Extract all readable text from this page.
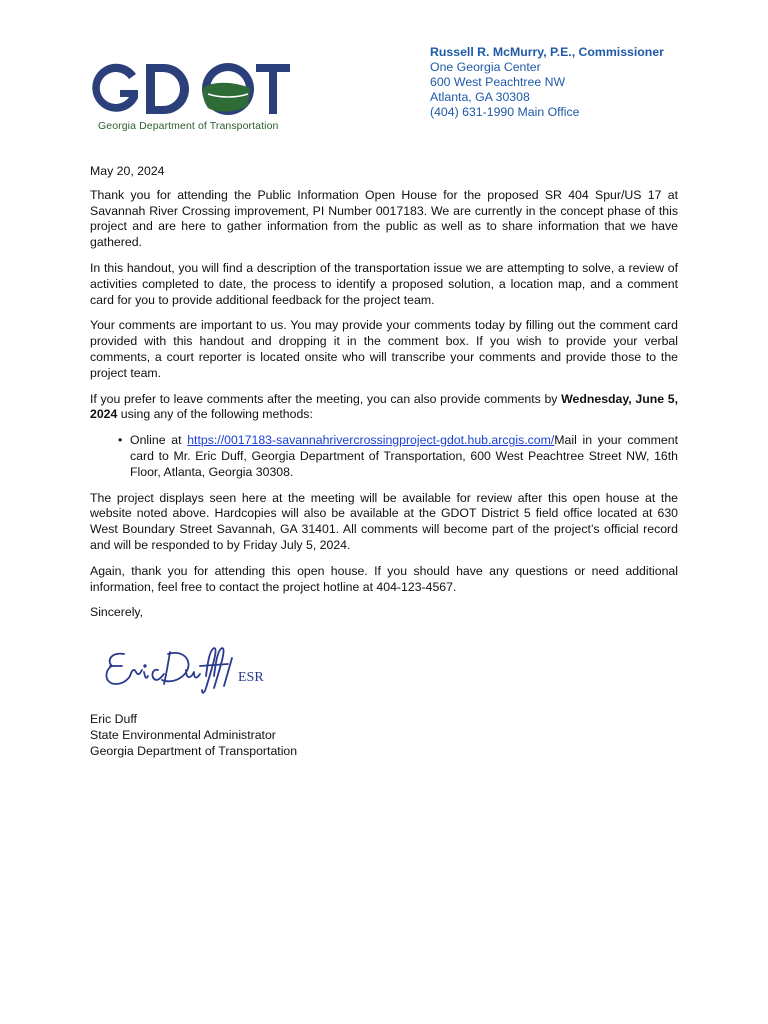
Georgia Department of Transportation
Russell R. McMurry, P.E., Commissioner
One Georgia Center
600 West Peachtree NW
Atlanta, GA 30308
(404) 631-1990 Main Office

May 20, 2024

Thank you for attending the Public Information Open House for the proposed SR 404 Spur/US 17 at Savannah River Crossing improvement, PI Number 0017183. We are currently in the concept phase of this project and are here to gather information from the public as well as to share information that we have gathered.

In this handout, you will find a description of the transportation issue we are attempting to solve, a review of activities completed to date, the process to identify a proposed solution, a location map, and a comment card for you to provide additional feedback for the project team.

Your comments are important to us. You may provide your comments today by filling out the comment card provided with this handout and dropping it in the comment box. If you wish to provide your verbal comments, a court reporter is located onsite who will transcribe your comments and provide those to the project team.

If you prefer to leave comments after the meeting, you can also provide comments by Wednesday, June 5, 2024 using any of the following methods:

• Online at https://0017183-savannahrivercrossingproject-gdot.hub.arcgis.com/Mail in your comment card to Mr. Eric Duff, Georgia Department of Transportation, 600 West Peachtree Street NW, 16th Floor, Atlanta, Georgia 30308.

The project displays seen here at the meeting will be available for review after this open house at the website noted above. Hardcopies will also be available at the GDOT District 5 field office located at 630 West Boundary Street Savannah, GA 31401. All comments will become part of the project’s official record and will be responded to by Friday July 5, 2024.

Again, thank you for attending this open house. If you should have any questions or need additional information, feel free to contact the project hotline at 404-123-4567.

Sincerely,

ESR
Eric Duff
State Environmental Administrator
Georgia Department of Transportation
